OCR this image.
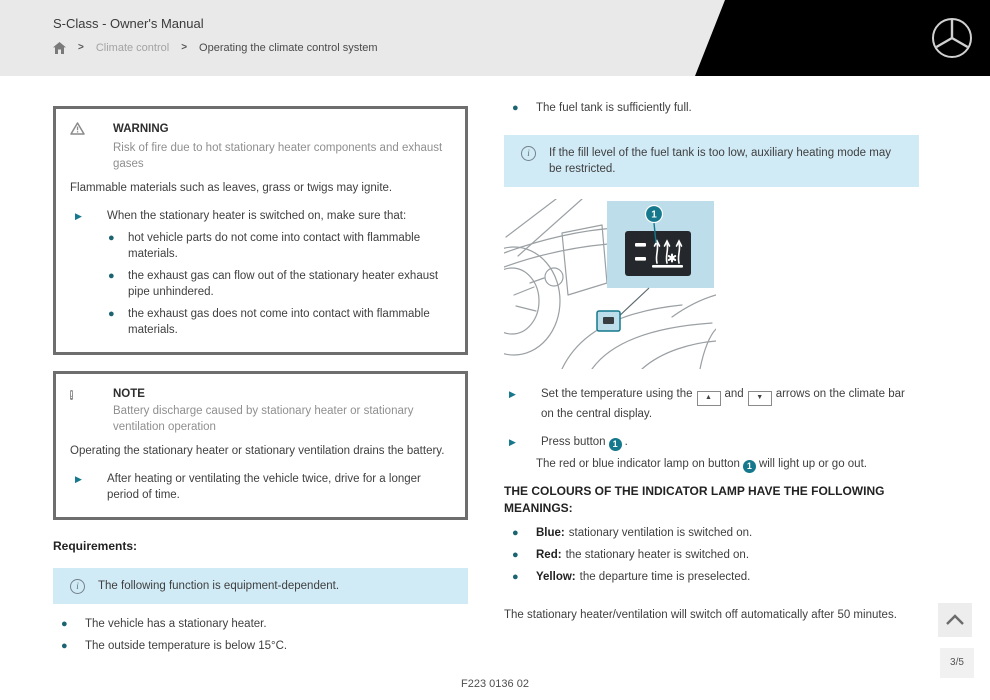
S-Class - Owner's Manual
> Climate control > Operating the climate control system
WARNING
Risk of fire due to hot stationary heater components and exhaust gases
Flammable materials such as leaves, grass or twigs may ignite.
▶	When the stationary heater is switched on, make sure that:
●	hot vehicle parts do not come into contact with flammable materials.
●	the exhaust gas can flow out of the stationary heater exhaust pipe unhindered.
●	the exhaust gas does not come into contact with flammable materials.
!	NOTE
Battery discharge caused by stationary heater or stationary ventilation operation
Operating the stationary heater or stationary ventilation drains the battery.
▶	After heating or ventilating the vehicle twice, drive for a longer period of time.
Requirements:
i	The following function is equipment-dependent.
●	The vehicle has a stationary heater.
●	The outside temperature is below 15°C.
●	The fuel tank is sufficiently full.
i	If the fill level of the fuel tank is too low, auxiliary heating mode may be restricted.
1
▶	Set the temperature using the ▲ and ▼ arrows on the climate bar on the central display.
▶	Press button 1 .
The red or blue indicator lamp on button 1 will light up or go out.
THE COLOURS OF THE INDICATOR LAMP HAVE THE FOLLOWING MEANINGS:
●	Blue: stationary ventilation is switched on.
●	Red: the stationary heater is switched on.
●	Yellow: the departure time is preselected.
The stationary heater/ventilation will switch off automatically after 50 minutes.
F223 0136 02
3/5
